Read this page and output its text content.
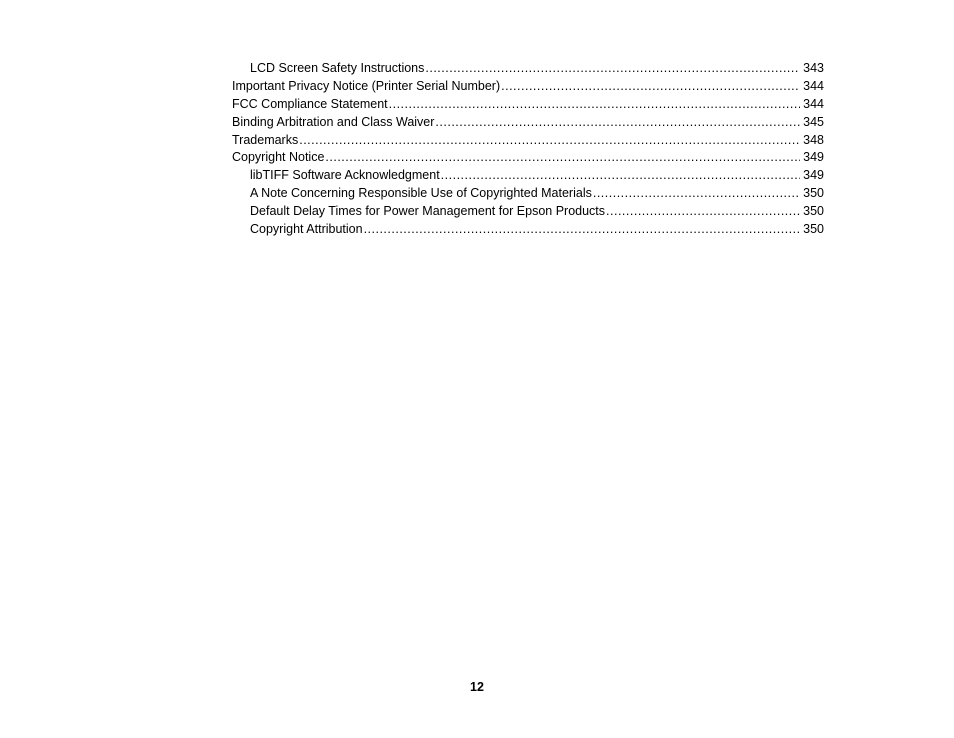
LCD Screen Safety Instructions .....	343
Important Privacy Notice (Printer Serial Number) .....	344
FCC Compliance Statement .....	344
Binding Arbitration and Class Waiver .....	345
Trademarks .....	348
Copyright Notice .....	349
libTIFF Software Acknowledgment .....	349
A Note Concerning Responsible Use of Copyrighted Materials .....	350
Default Delay Times for Power Management for Epson Products .....	350
Copyright Attribution .....	350
12
